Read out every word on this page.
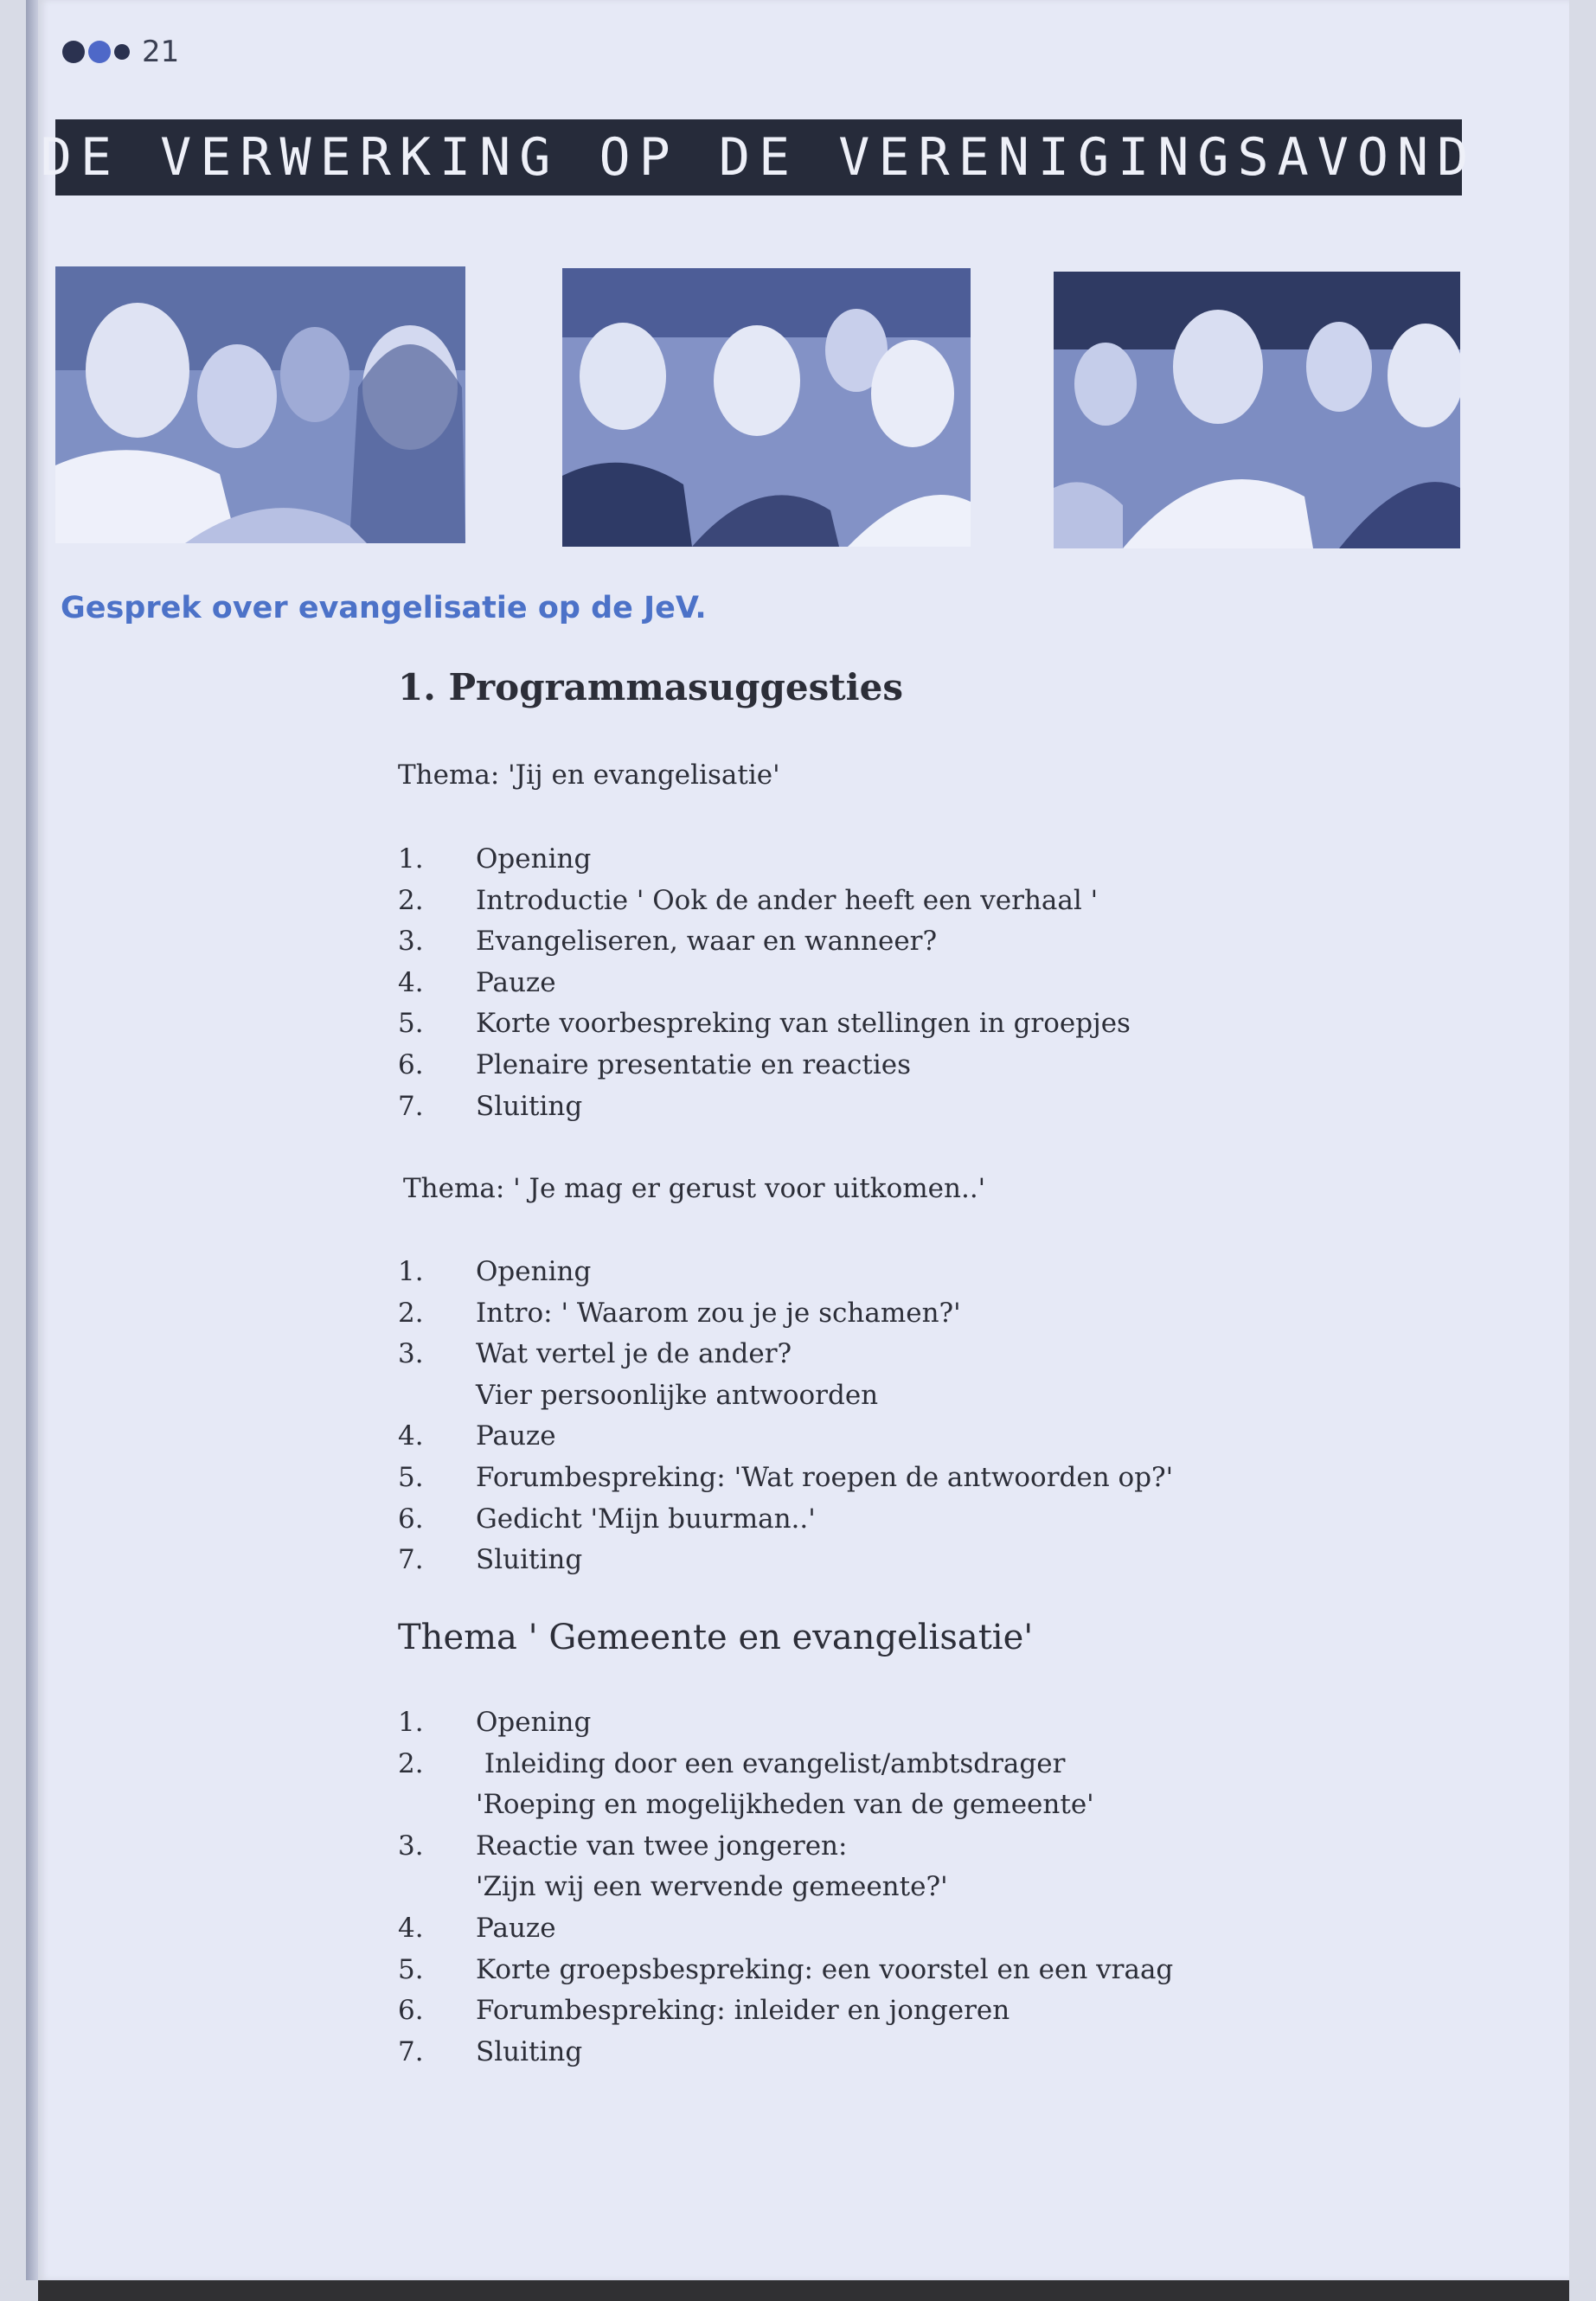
21
DE VERWERKING OP DE VERENIGINGSAVOND
Gesprek over evangelisatie op de JeV.
1. Programmasuggesties
Thema: 'Jij en evangelisatie'
1.	Opening
2.	Introductie ' Ook de ander heeft een verhaal '
3.	Evangeliseren, waar en wanneer?
4.	Pauze
5.	Korte voorbespreking van stellingen in groepjes
6.	Plenaire presentatie en reacties
7.	Sluiting
Thema: ' Je mag er gerust voor uitkomen..'
1.	Opening
2.	Intro: ' Waarom zou je je schamen?'
3.	Wat vertel je de ander?
Vier persoonlijke antwoorden
4.	Pauze
5.	Forumbespreking: 'Wat roepen de antwoorden op?'
6.	Gedicht 'Mijn buurman..'
7.	Sluiting
Thema ' Gemeente en evangelisatie'
1.	Opening
2.	Inleiding door een evangelist/ambtsdrager
'Roeping en mogelijkheden van de gemeente'
3.	Reactie van twee jongeren:
'Zijn wij een wervende gemeente?'
4.	Pauze
5.	Korte groepsbespreking: een voorstel en een vraag
6.	Forumbespreking: inleider en jongeren
7.	Sluiting
